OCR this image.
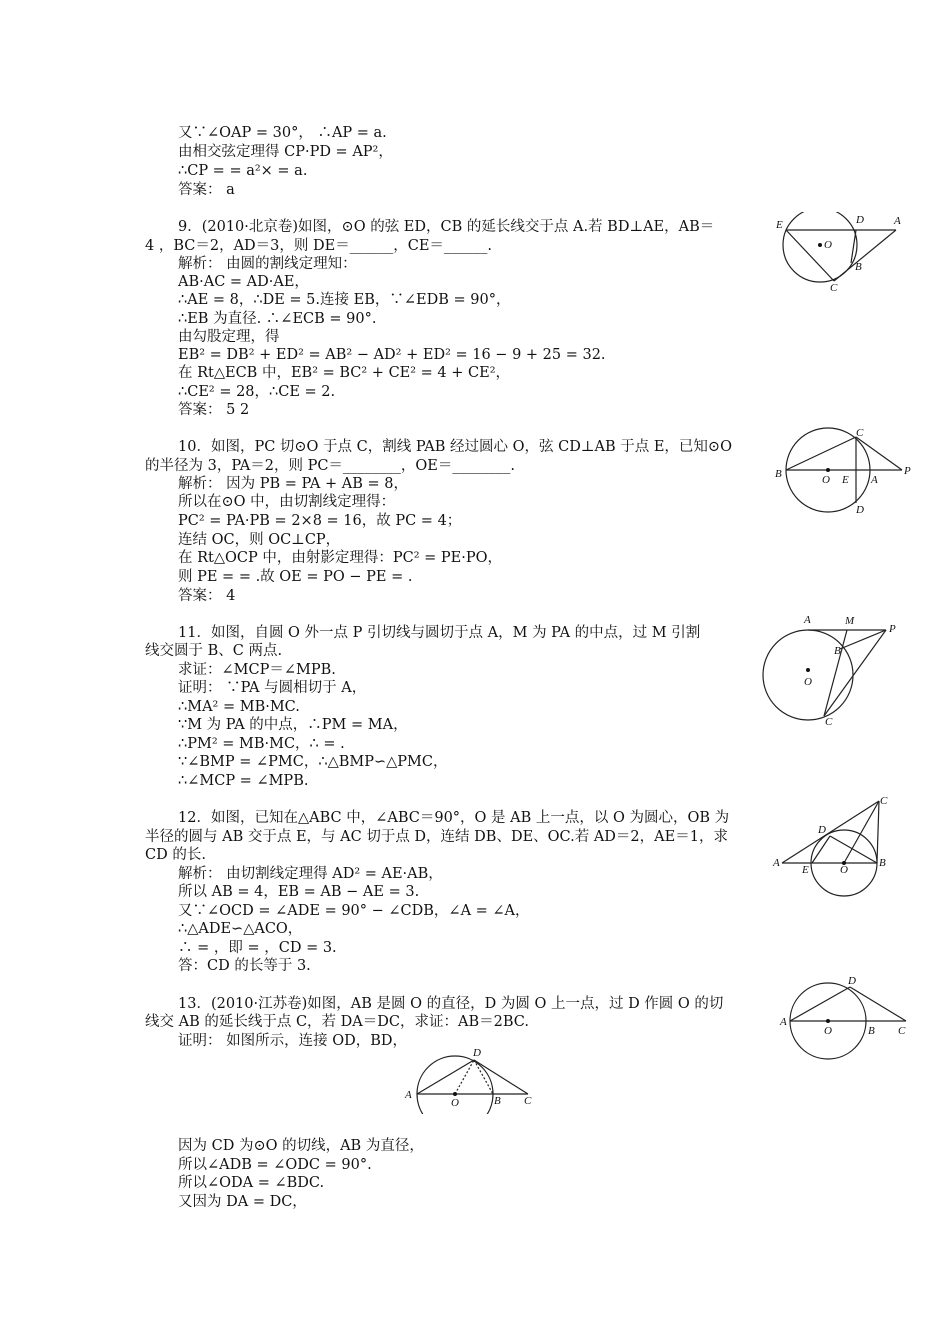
又∵∠OAP = 30°， ∴AP = a.
由相交弦定理得 CP·PD = AP²，
∴CP = = a²× = a.
答案： a
9．(2010·北京卷)如图，⊙O 的弦 ED，CB 的延长线交于点 A.若 BD⊥AE，AB＝
4 ，BC＝2，AD＝3，则 DE＝______，CE＝______.
解析： 由圆的割线定理知：
AB·AC = AD·AE，
∴AE = 8，∴DE = 5.连接 EB，∵∠EDB = 90°，
∴EB 为直径. ∴∠ECB = 90°.
由勾股定理，得
EB² = DB² + ED² = AB² − AD² + ED² = 16 − 9 + 25 = 32.
在 Rt△ECB 中，EB² = BC² + CE² = 4 + CE²，
∴CE² = 28，∴CE = 2.
答案： 5 2
10．如图，PC 切⊙O 于点 C，割线 PAB 经过圆心 O，弦 CD⊥AB 于点 E，已知⊙O
的半径为 3，PA＝2，则 PC＝________，OE＝________.
解析： 因为 PB = PA + AB = 8，
所以在⊙O 中，由切割线定理得：
PC² = PA·PB = 2×8 = 16，故 PC = 4；
连结 OC，则 OC⊥CP，
在 Rt△OCP 中，由射影定理得：PC² = PE·PO，
则 PE = = .故 OE = PO − PE = .
答案： 4
11．如图，自圆 O 外一点 P 引切线与圆切于点 A，M 为 PA 的中点，过 M 引割
线交圆于 B、C 两点.
求证：∠MCP＝∠MPB.
证明： ∵PA 与圆相切于 A，
∴MA² = MB·MC.
∵M 为 PA 的中点，∴PM = MA，
∴PM² = MB·MC，∴ = .
∵∠BMP = ∠PMC，∴△BMP∽△PMC，
∴∠MCP = ∠MPB.
12．如图，已知在△ABC 中，∠ABC＝90°，O 是 AB 上一点，以 O 为圆心，OB 为
半径的圆与 AB 交于点 E，与 AC 切于点 D，连结 DB、DE、OC.若 AD＝2，AE＝1，求
CD 的长.
解析： 由切割线定理得 AD² = AE·AB，
所以 AB = 4，EB = AB − AE = 3.
又∵∠OCD = ∠ADE = 90° − ∠CDB，∠A = ∠A，
∴△ADE∽△ACO，
∴ = ，即 = ，CD = 3.
答：CD 的长等于 3.
13．(2010·江苏卷)如图，AB 是圆 O 的直径，D 为圆 O 上一点，过 D 作圆 O 的切
线交 AB 的延长线于点 C，若 DA＝DC，求证：AB＝2BC.
证明： 如图所示，连接 OD，BD，
因为 CD 为⊙O 的切线，AB 为直径，
所以∠ADB = ∠ODC = 90°.
所以∠ODA = ∠BDC.
又因为 DA = DC，
E	D	A
O
B
C
C
B	O E A
P
D
A	M
P
B
O
C
C
D
A
E	O
B
D
A
O	B C
D
A
O	B C
